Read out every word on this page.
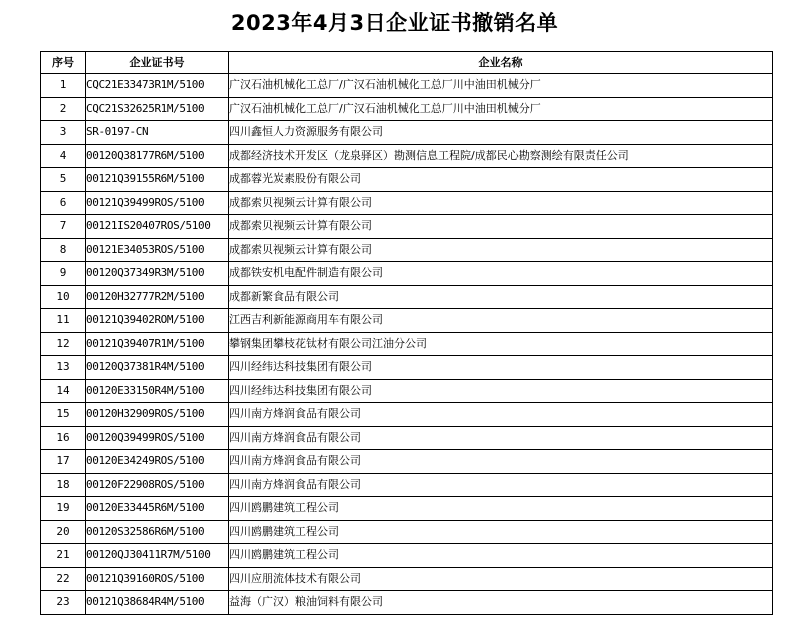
2023年4月3日企业证书撤销名单
序号	企业证书号	企业名称
1	CQC21E33473R1M/5100	广汉石油机械化工总厂/广汉石油机械化工总厂川中油田机械分厂
2	CQC21S32625R1M/5100	广汉石油机械化工总厂/广汉石油机械化工总厂川中油田机械分厂
3	SR-0197-CN	四川鑫恒人力资源服务有限公司
4	00120Q38177R6M/5100	成都经济技术开发区（龙泉驿区）勘测信息工程院/成都民心勘察测绘有限责任公司
5	00121Q39155R6M/5100	成都蓉光炭素股份有限公司
6	00121Q39499ROS/5100	成都索贝视频云计算有限公司
7	00121IS20407ROS/5100	成都索贝视频云计算有限公司
8	00121E34053ROS/5100	成都索贝视频云计算有限公司
9	00120Q37349R3M/5100	成都铁安机电配件制造有限公司
10	00120H32777R2M/5100	成都新繁食品有限公司
11	00121Q39402ROM/5100	江西吉利新能源商用车有限公司
12	00121Q39407R1M/5100	攀钢集团攀枝花钛材有限公司江油分公司
13	00120Q37381R4M/5100	四川经纬达科技集团有限公司
14	00120E33150R4M/5100	四川经纬达科技集团有限公司
15	00120H32909ROS/5100	四川南方烽润食品有限公司
16	00120Q39499ROS/5100	四川南方烽润食品有限公司
17	00120E34249ROS/5100	四川南方烽润食品有限公司
18	00120F22908ROS/5100	四川南方烽润食品有限公司
19	00120E33445R6M/5100	四川鸥鹏建筑工程公司
20	00120S32586R6M/5100	四川鸥鹏建筑工程公司
21	00120QJ30411R7M/5100	四川鸥鹏建筑工程公司
22	00121Q39160ROS/5100	四川应朋流体技术有限公司
23	00121Q38684R4M/5100	益海（广汉）粮油饲料有限公司
